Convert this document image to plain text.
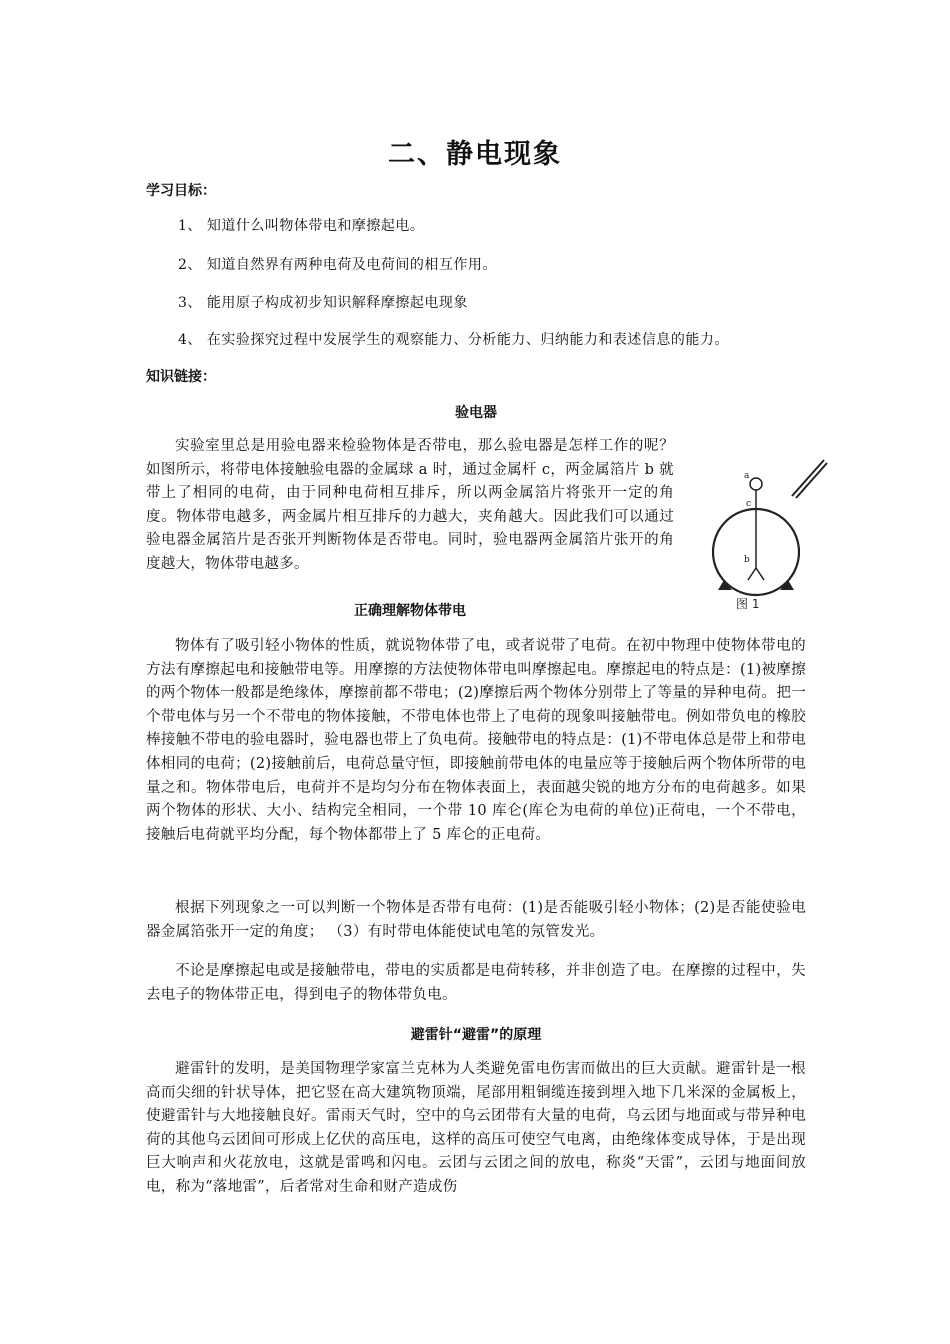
二、静电现象
学习目标：
1、 知道什么叫物体带电和摩擦起电。
2、 知道自然界有两种电荷及电荷间的相互作用。
3、 能用原子构成初步知识解释摩擦起电现象
4、 在实验探究过程中发展学生的观察能力、分析能力、归纳能力和表述信息的能力。
知识链接：
验电器

实验室里总是用验电器来检验物体是否带电，那么验电器是怎样工作的呢？如图所示，将带电体接触验电器的金属球 a 时，通过金属杆 c，两金属箔片 b 就带上了相同的电荷，由于同种电荷相互排斥，所以两金属箔片将张开一定的角度。物体带电越多，两金属片相互排斥的力越大，夹角越大。因此我们可以通过验电器金属箔片是否张开判断物体是否带电。同时，验电器两金属箔片张开的角度越大，物体带电越多。

a
c
b
图 1
正确理解物体带电

物体有了吸引轻小物体的性质，就说物体带了电，或者说带了电荷。在初中物理中使物体带电的方法有摩擦起电和接触带电等。用摩擦的方法使物体带电叫摩擦起电。摩擦起电的特点是：(1)被摩擦的两个物体一般都是绝缘体，摩擦前都不带电；(2)摩擦后两个物体分别带上了等量的异种电荷。把一个带电体与另一个不带电的物体接触，不带电体也带上了电荷的现象叫接触带电。例如带负电的橡胶棒接触不带电的验电器时，验电器也带上了负电荷。接触带电的特点是：(1)不带电体总是带上和带电体相同的电荷；(2)接触前后，电荷总量守恒，即接触前带电体的电量应等于接触后两个物体所带的电量之和。物体带电后，电荷并不是均匀分布在物体表面上，表面越尖锐的地方分布的电荷越多。如果两个物体的形状、大小、结构完全相同，一个带 10 库仑(库仑为电荷的单位)正荷电，一个不带电，接触后电荷就平均分配，每个物体都带上了 5 库仑的正电荷。

根据下列现象之一可以判断一个物体是否带有电荷：(1)是否能吸引轻小物体；(2)是否能使验电器金属箔张开一定的角度； （3）有时带电体能使试电笔的氖管发光。

不论是摩擦起电或是接触带电，带电的实质都是电荷转移，并非创造了电。在摩擦的过程中，失去电子的物体带正电，得到电子的物体带负电。

避雷针“避雷”的原理

避雷针的发明，是美国物理学家富兰克林为人类避免雷电伤害而做出的巨大贡献。避雷针是一根高而尖细的针状导体，把它竖在高大建筑物顶端，尾部用粗铜缆连接到埋入地下几米深的金属板上，使避雷针与大地接触良好。雷雨天气时，空中的乌云团带有大量的电荷，乌云团与地面或与带异种电荷的其他乌云团间可形成上亿伏的高压电，这样的高压可使空气电离，由绝缘体变成导体，于是出现巨大响声和火花放电，这就是雷鸣和闪电。云团与云团之间的放电，称炎“天雷”，云团与地面间放电，称为“落地雷”，后者常对生命和财产造成伤
